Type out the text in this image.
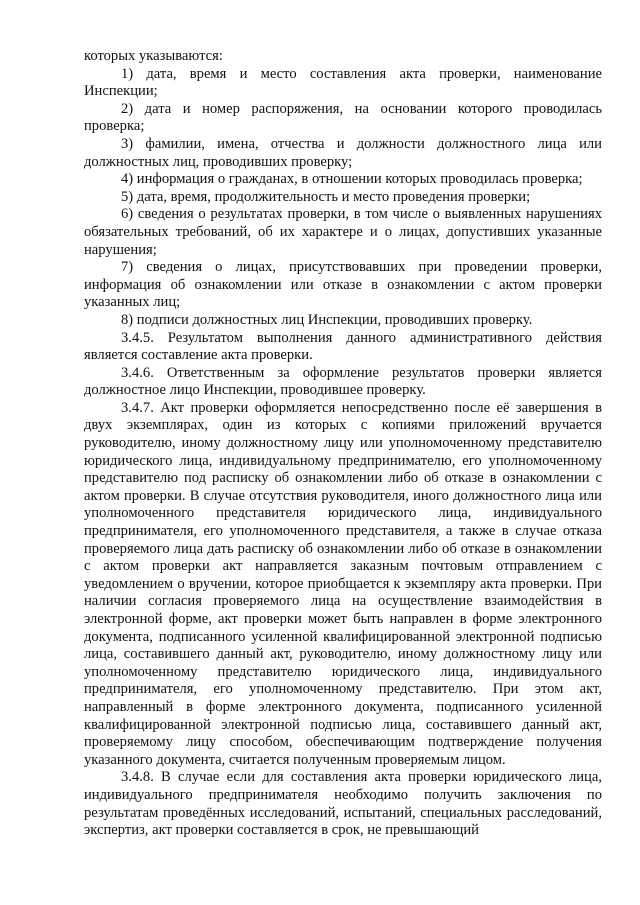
которых указываются:

1) дата, время и место составления акта проверки, наименование Инспекции;

2) дата и номер распоряжения, на основании которого проводилась проверка;

3) фамилии, имена, отчества и должности должностного лица или должностных лиц, проводивших проверку;

4) информация о гражданах, в отношении которых проводилась проверка;

5) дата, время, продолжительность и место проведения проверки;

6) сведения о результатах проверки, в том числе о выявленных нарушениях обязательных требований, об их характере и о лицах, допустивших указанные нарушения;

7) сведения о лицах, присутствовавших при проведении проверки, информация об ознакомлении или отказе в ознакомлении с актом проверки указанных лиц;

8) подписи должностных лиц Инспекции, проводивших проверку.

3.4.5. Результатом выполнения данного административного действия является составление акта проверки.

3.4.6. Ответственным за оформление результатов проверки является должностное лицо Инспекции, проводившее проверку.

3.4.7. Акт проверки оформляется непосредственно после её завершения в двух экземплярах, один из которых с копиями приложений вручается руководителю, иному должностному лицу или уполномоченному представителю юридического лица, индивидуальному предпринимателю, его уполномоченному представителю под расписку об ознакомлении либо об отказе в ознакомлении с актом проверки. В случае отсутствия руководителя, иного должностного лица или уполномоченного представителя юридического лица, индивидуального предпринимателя, его уполномоченного представителя, а также в случае отказа проверяемого лица дать расписку об ознакомлении либо об отказе в ознакомлении с актом проверки акт направляется заказным почтовым отправлением с уведомлением о вручении, которое приобщается к экземпляру акта проверки. При наличии согласия проверяемого лица на осуществление взаимодействия в электронной форме, акт проверки может быть направлен в форме электронного документа, подписанного усиленной квалифицированной электронной подписью лица, составившего данный акт, руководителю, иному должностному лицу или уполномоченному представителю юридического лица, индивидуального предпринимателя, его уполномоченному представителю. При этом акт, направленный в форме электронного документа, подписанного усиленной квалифицированной электронной подписью лица, составившего данный акт, проверяемому лицу способом, обеспечивающим подтверждение получения указанного документа, считается полученным проверяемым лицом.

3.4.8. В случае если для составления акта проверки юридического лица, индивидуального предпринимателя необходимо получить заключения по результатам проведённых исследований, испытаний, специальных расследований, экспертиз, акт проверки составляется в срок, не превышающий
